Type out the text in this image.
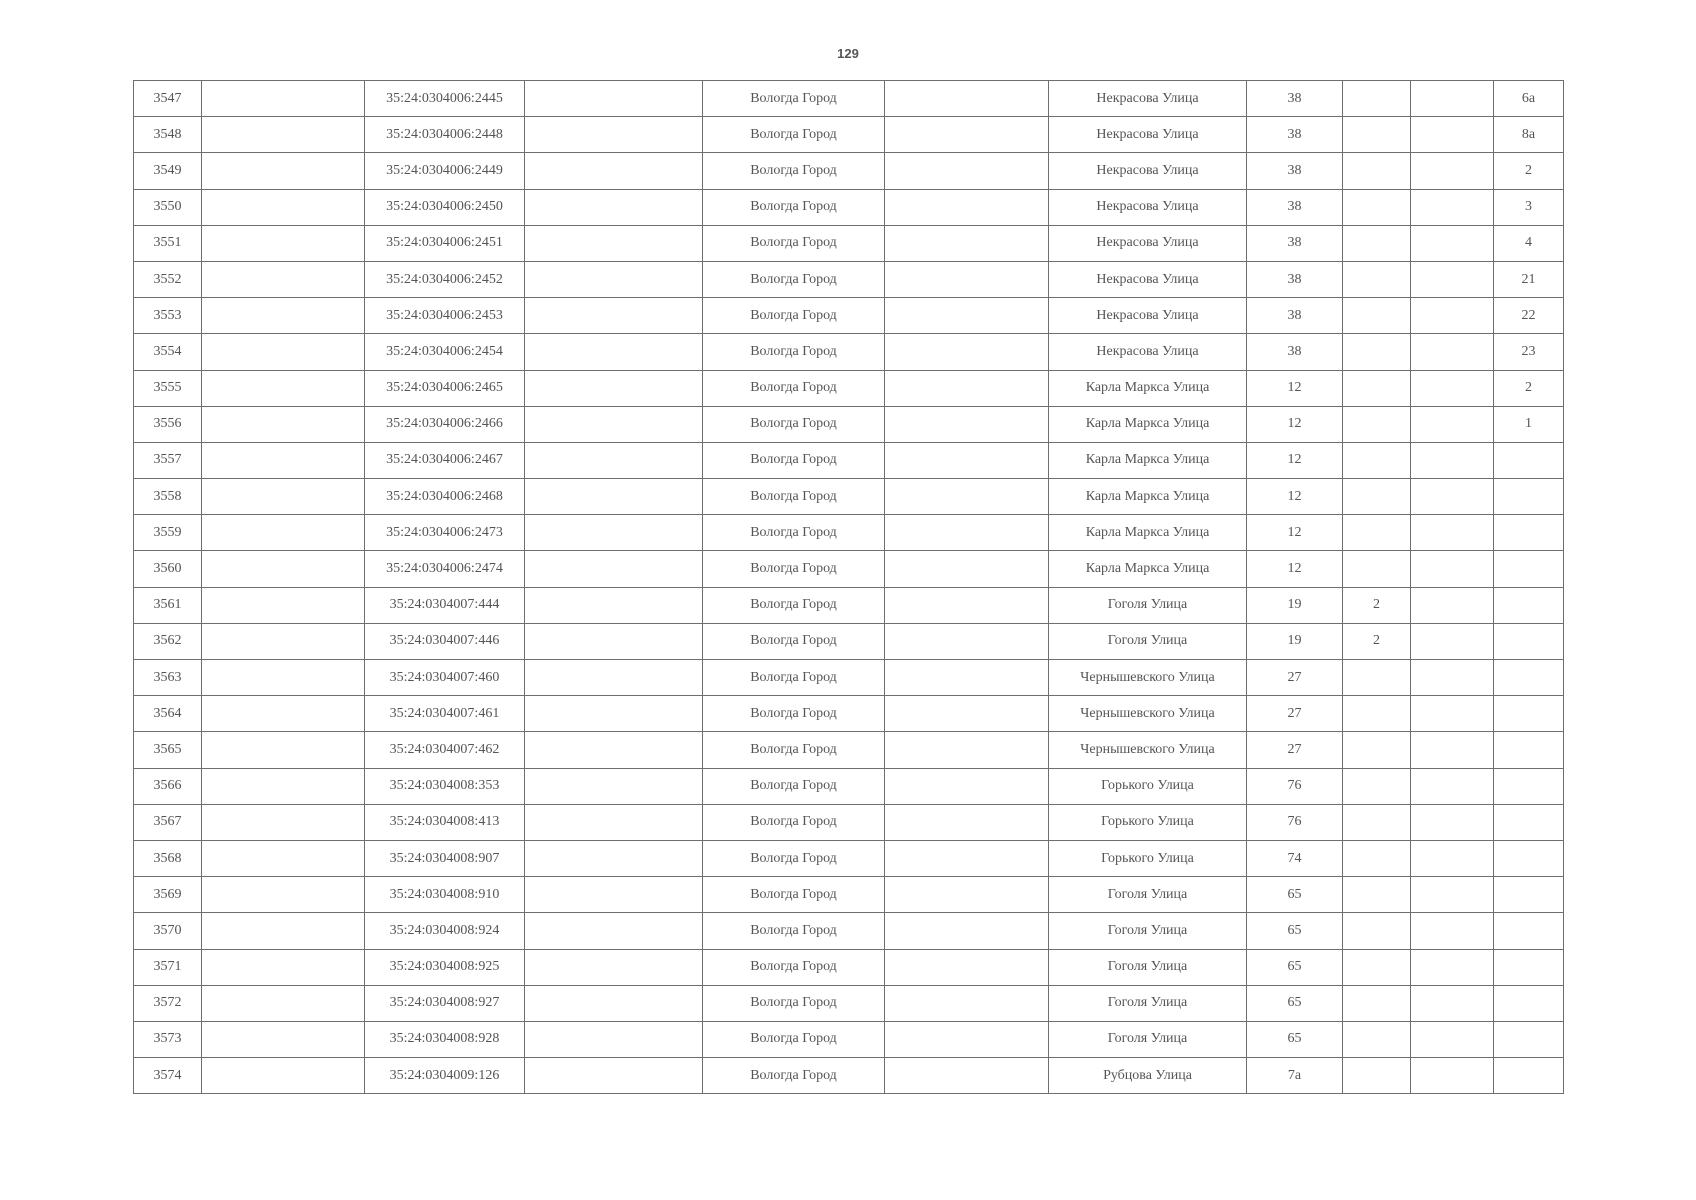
129
3547		35:24:0304006:2445		Вологда Город		Некрасова Улица	38			6а
3548		35:24:0304006:2448		Вологда Город		Некрасова Улица	38			8а
3549		35:24:0304006:2449		Вологда Город		Некрасова Улица	38			2
3550		35:24:0304006:2450		Вологда Город		Некрасова Улица	38			3
3551		35:24:0304006:2451		Вологда Город		Некрасова Улица	38			4
3552		35:24:0304006:2452		Вологда Город		Некрасова Улица	38			21
3553		35:24:0304006:2453		Вологда Город		Некрасова Улица	38			22
3554		35:24:0304006:2454		Вологда Город		Некрасова Улица	38			23
3555		35:24:0304006:2465		Вологда Город		Карла Маркса Улица	12			2
3556		35:24:0304006:2466		Вологда Город		Карла Маркса Улица	12			1
3557		35:24:0304006:2467		Вологда Город		Карла Маркса Улица	12			
3558		35:24:0304006:2468		Вологда Город		Карла Маркса Улица	12			
3559		35:24:0304006:2473		Вологда Город		Карла Маркса Улица	12			
3560		35:24:0304006:2474		Вологда Город		Карла Маркса Улица	12			
3561		35:24:0304007:444		Вологда Город		Гоголя Улица	19	2		
3562		35:24:0304007:446		Вологда Город		Гоголя Улица	19	2		
3563		35:24:0304007:460		Вологда Город		Чернышевского Улица	27			
3564		35:24:0304007:461		Вологда Город		Чернышевского Улица	27			
3565		35:24:0304007:462		Вологда Город		Чернышевского Улица	27			
3566		35:24:0304008:353		Вологда Город		Горького Улица	76			
3567		35:24:0304008:413		Вологда Город		Горького Улица	76			
3568		35:24:0304008:907		Вологда Город		Горького Улица	74			
3569		35:24:0304008:910		Вологда Город		Гоголя Улица	65			
3570		35:24:0304008:924		Вологда Город		Гоголя Улица	65			
3571		35:24:0304008:925		Вологда Город		Гоголя Улица	65			
3572		35:24:0304008:927		Вологда Город		Гоголя Улица	65			
3573		35:24:0304008:928		Вологда Город		Гоголя Улица	65			
3574		35:24:0304009:126		Вологда Город		Рубцова Улица	7а			
